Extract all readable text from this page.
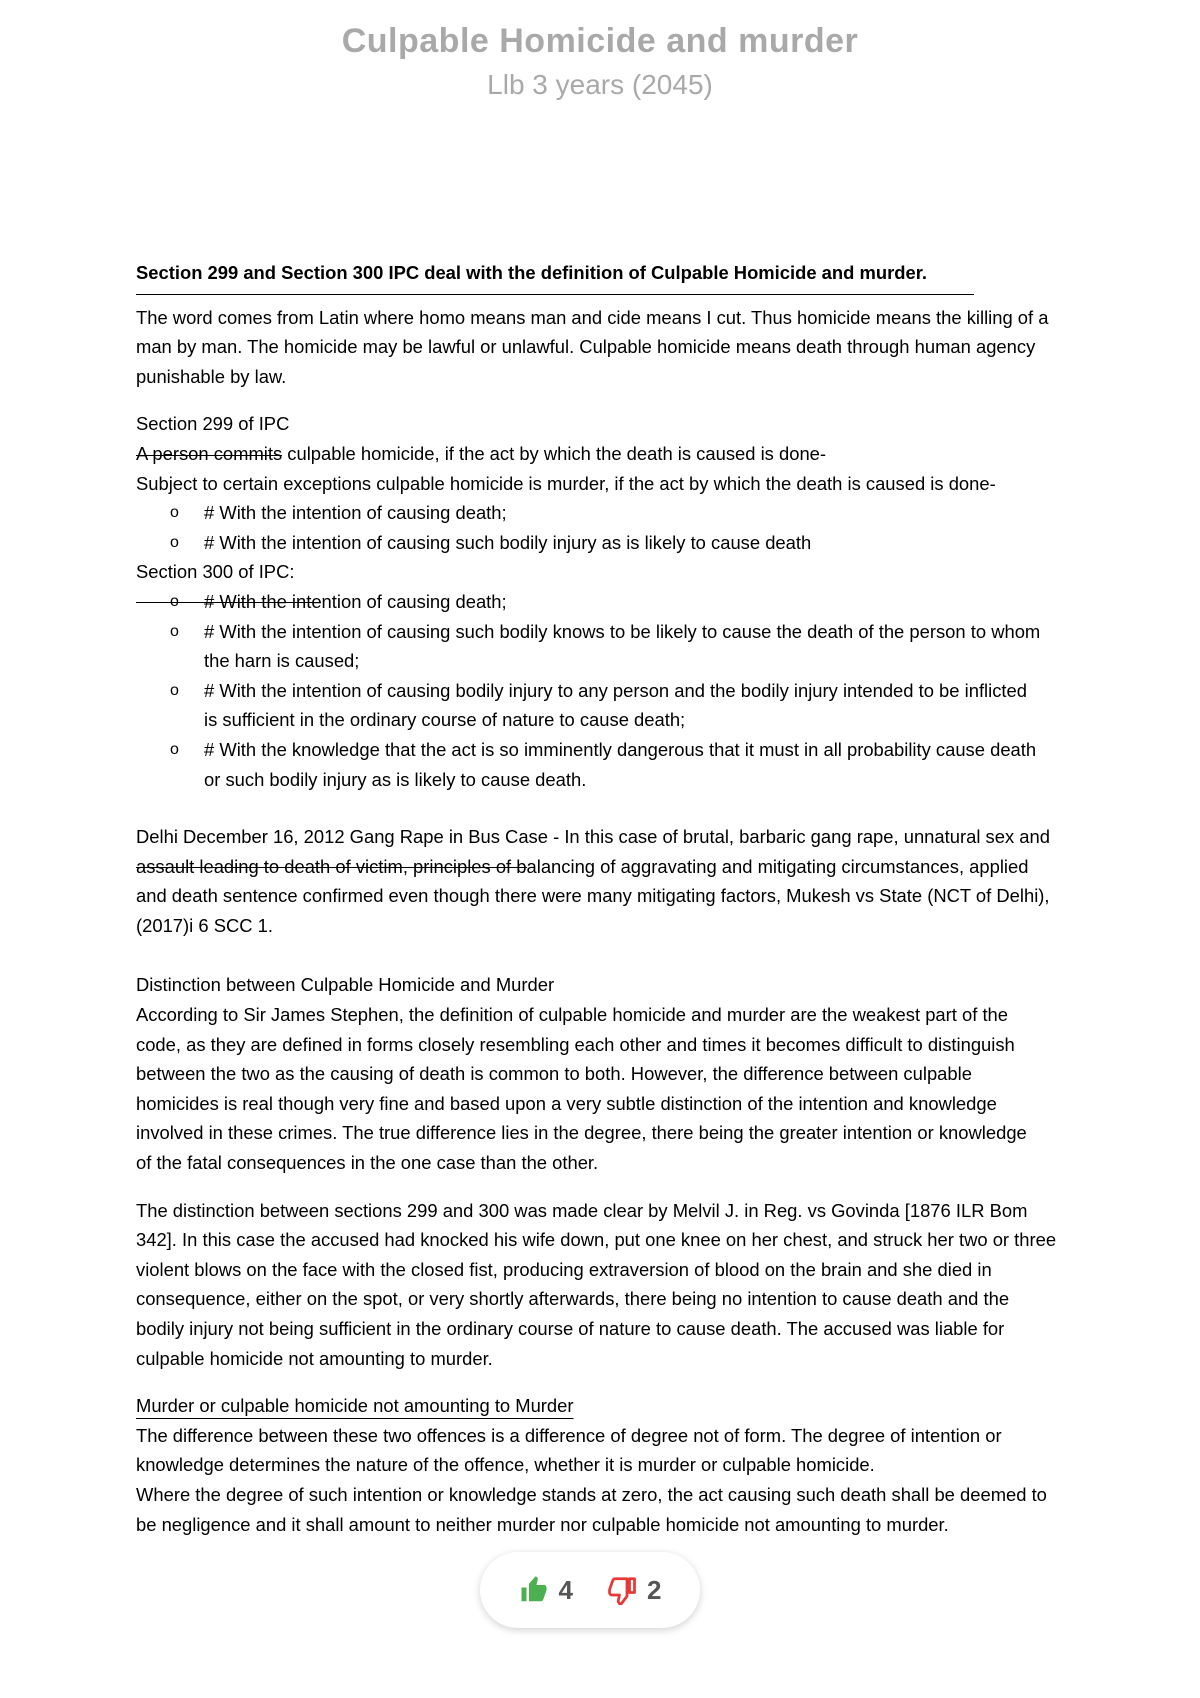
Culpable Homicide and murder
Llb 3 years (2045)

Section 299 and Section 300 IPC deal with the definition of Culpable Homicide and murder.

The word comes from Latin where homo means man and cide means I cut. Thus homicide means the killing of a

man by man. The homicide may be lawful or unlawful. Culpable homicide means death through human agency

punishable by law.

Section 299 of IPC

A person commits culpable homicide, if the act by which the death is caused is done-

Subject to certain exceptions culpable homicide is murder, if the act by which the death is caused is done-

o # With the intention of causing death;
o # With the intention of causing such bodily injury as is likely to cause death

Section 300 of IPC:

o # With the intention of causing death;
o # With the intention of causing such bodily knows to be likely to cause the death of the person to whom
the harn is caused;
o # With the intention of causing bodily injury to any person and the bodily injury intended to be inflicted
is sufficient in the ordinary course of nature to cause death;
o # With the knowledge that the act is so imminently dangerous that it must in all probability cause death
or such bodily injury as is likely to cause death.

Delhi December 16, 2012 Gang Rape in Bus Case - In this case of brutal, barbaric gang rape, unnatural sex and

assault leading to death of victim, principles of balancing of aggravating and mitigating circumstances, applied

and death sentence confirmed even though there were many mitigating factors, Mukesh vs State (NCT of Delhi),

(2017)i 6 SCC 1.

Distinction between Culpable Homicide and Murder

According to Sir James Stephen, the definition of culpable homicide and murder are the weakest part of the

code, as they are defined in forms closely resembling each other and times it becomes difficult to distinguish

between the two as the causing of death is common to both. However, the difference between culpable

homicides is real though very fine and based upon a very subtle distinction of the intention and knowledge

involved in these crimes. The true difference lies in the degree, there being the greater intention or knowledge

of the fatal consequences in the one case than the other.

The distinction between sections 299 and 300 was made clear by Melvil J. in Reg. vs Govinda [1876 ILR Bom

342]. In this case the accused had knocked his wife down, put one knee on her chest, and struck her two or three

violent blows on the face with the closed fist, producing extraversion of blood on the brain and she died in

consequence, either on the spot, or very shortly afterwards, there being no intention to cause death and the

bodily injury not being sufficient in the ordinary course of nature to cause death. The accused was liable for

culpable homicide not amounting to murder.

Murder or culpable homicide not amounting to Murder

The difference between these two offences is a difference of degree not of form. The degree of intention or

knowledge determines the nature of the offence, whether it is murder or culpable homicide.

Where the degree of such intention or knowledge stands at zero, the act causing such death shall be deemed to

be negligence and it shall amount to neither murder nor culpable homicide not amounting to murder.

4	2
